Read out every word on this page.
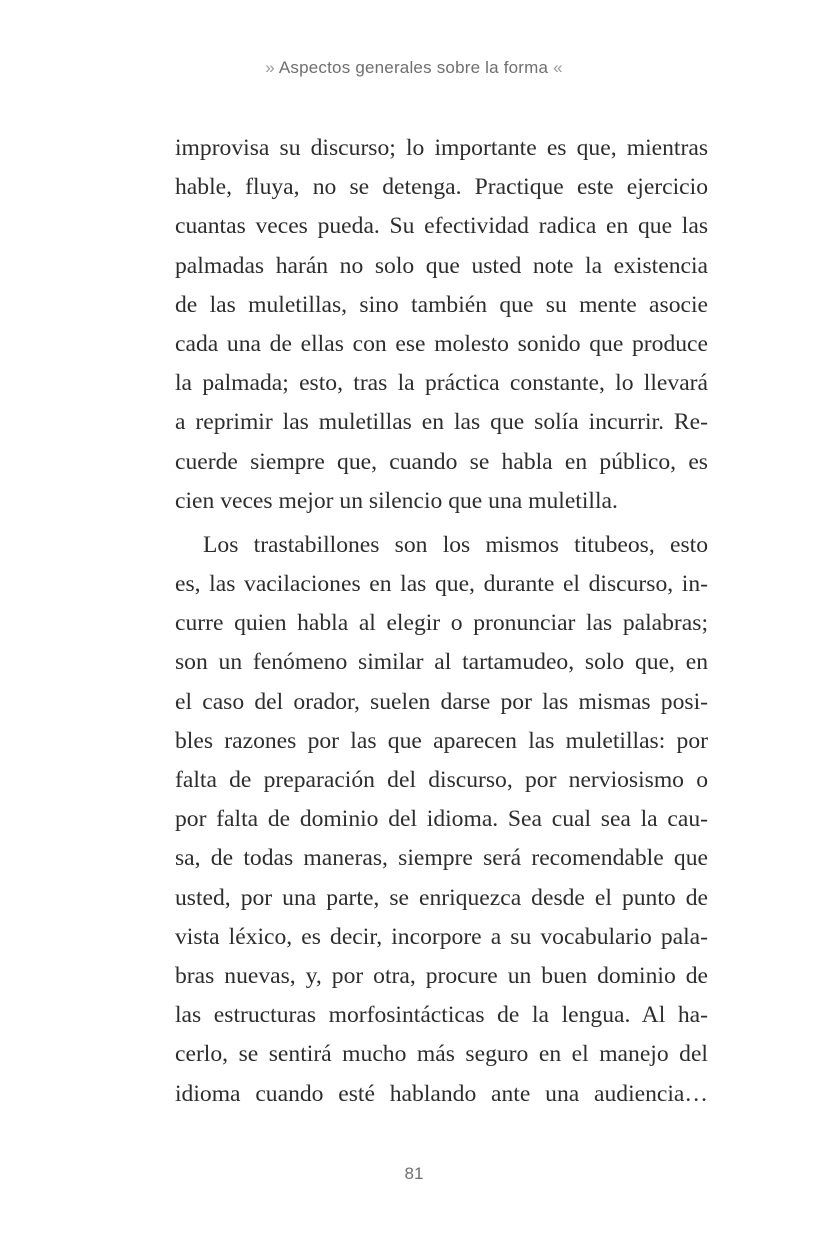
» Aspectos generales sobre la forma «
improvisa su discurso; lo importante es que, mientras
hable, fluya, no se detenga. Practique este ejercicio
cuantas veces pueda. Su efectividad radica en que las
palmadas harán no solo que usted note la existencia
de las muletillas, sino también que su mente asocie
cada una de ellas con ese molesto sonido que produce
la palmada; esto, tras la práctica constante, lo llevará
a reprimir las muletillas en las que solía incurrir. Re-
cuerde siempre que, cuando se habla en público, es
cien veces mejor un silencio que una muletilla.
Los trastabillones son los mismos titubeos, esto
es, las vacilaciones en las que, durante el discurso, in-
curre quien habla al elegir o pronunciar las palabras;
son un fenómeno similar al tartamudeo, solo que, en
el caso del orador, suelen darse por las mismas posi-
bles razones por las que aparecen las muletillas: por
falta de preparación del discurso, por nerviosismo o
por falta de dominio del idioma. Sea cual sea la cau-
sa, de todas maneras, siempre será recomendable que
usted, por una parte, se enriquezca desde el punto de
vista léxico, es decir, incorpore a su vocabulario pala-
bras nuevas, y, por otra, procure un buen dominio de
las estructuras morfosintácticas de la lengua. Al ha-
cerlo, se sentirá mucho más seguro en el manejo del
idioma cuando esté hablando ante una audiencia…
81
